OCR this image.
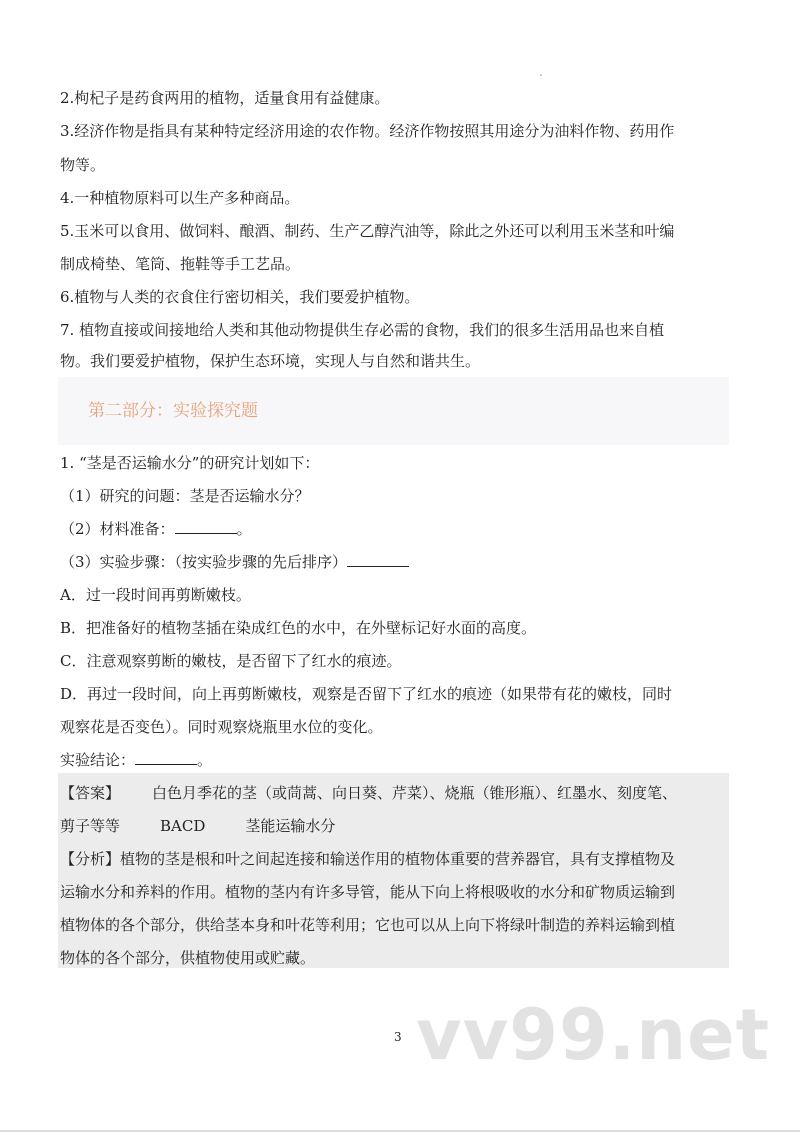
2.枸杞子是药食两用的植物，适量食用有益健康。
3.经济作物是指具有某种特定经济用途的农作物。经济作物按照其用途分为油料作物、药用作
物等。
4.一种植物原料可以生产多种商品。
5.玉米可以食用、做饲料、酿酒、制药、生产乙醇汽油等，除此之外还可以利用玉米茎和叶编
制成椅垫、笔筒、拖鞋等手工艺品。
6.植物与人类的衣食住行密切相关，我们要爱护植物。
7. 植物直接或间接地给人类和其他动物提供生存必需的食物，我们的很多生活用品也来自植
物。我们要爱护植物，保护生态环境，实现人与自然和谐共生。
第二部分：实验探究题
1. “茎是否运输水分”的研究计划如下：
（1）研究的问题：茎是否运输水分？
（2）材料准备：	。
（3）实验步骤：（按实验步骤的先后排序）
A．过一段时间再剪断嫩枝。
B．把准备好的植物茎插在染成红色的水中，在外壁标记好水面的高度。
C．注意观察剪断的嫩枝，是否留下了红水的痕迹。
D．再过一段时间，向上再剪断嫩枝，观察是否留下了红水的痕迹（如果带有花的嫩枝，同时
观察花是否变色）。同时观察烧瓶里水位的变化。
实验结论：	。
【答案】 白色月季花的茎（或茼蒿、向日葵、芹菜）、烧瓶（锥形瓶）、红墨水、刻度笔、
剪子等等	BACD	茎能运输水分
【分析】植物的茎是根和叶之间起连接和输送作用的植物体重要的营养器官，具有支撑植物及
运输水分和养料的作用。植物的茎内有许多导管，能从下向上将根吸收的水分和矿物质运输到
植物体的各个部分，供给茎本身和叶花等利用；它也可以从上向下将绿叶制造的养料运输到植
物体的各个部分，供植物使用或贮藏。
3 vv99.net
